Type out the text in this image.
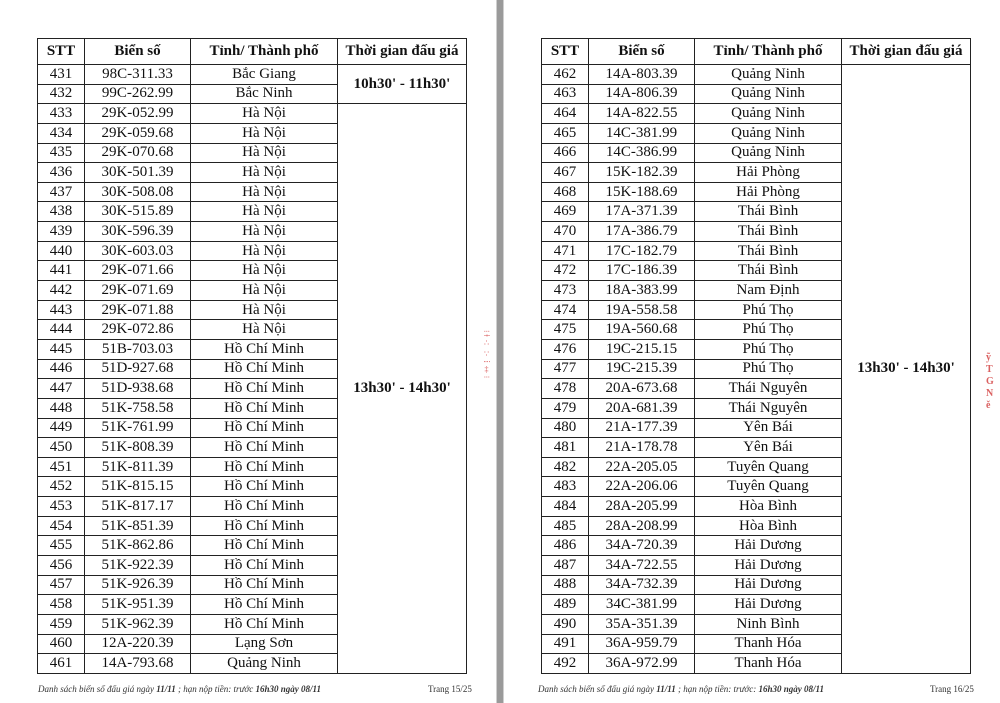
STT	Biển số	Tỉnh/ Thành phố	Thời gian đấu giá
431	98C-311.33	Bắc Giang	10h30' - 11h30'
432	99C-262.99	Bắc Ninh	
433	29K-052.99	Hà Nội	13h30' - 14h30'
434	29K-059.68	Hà Nội	
435	29K-070.68	Hà Nội	
436	30K-501.39	Hà Nội	
437	30K-508.08	Hà Nội	
438	30K-515.89	Hà Nội	
439	30K-596.39	Hà Nội	
440	30K-603.03	Hà Nội	
441	29K-071.66	Hà Nội	
442	29K-071.69	Hà Nội	
443	29K-071.88	Hà Nội	
444	29K-072.86	Hà Nội	
445	51B-703.03	Hồ Chí Minh	
446	51D-927.68	Hồ Chí Minh	
447	51D-938.68	Hồ Chí Minh	
448	51K-758.58	Hồ Chí Minh	
449	51K-761.99	Hồ Chí Minh	
450	51K-808.39	Hồ Chí Minh	
451	51K-811.39	Hồ Chí Minh	
452	51K-815.15	Hồ Chí Minh	
453	51K-817.17	Hồ Chí Minh	
454	51K-851.39	Hồ Chí Minh	
455	51K-862.86	Hồ Chí Minh	
456	51K-922.39	Hồ Chí Minh	
457	51K-926.39	Hồ Chí Minh	
458	51K-951.39	Hồ Chí Minh	
459	51K-962.39	Hồ Chí Minh	
460	12A-220.39	Lạng Sơn	
461	14A-793.68	Quảng Ninh	
Danh sách biển số đấu giá ngày 11/11 ; hạn nộp tiền: trước 16h30 ngày 08/11	Trang 15/25
⁝ ǂ ∴ ∵ ⁞ ‡ ⁝
STT	Biển số	Tỉnh/ Thành phố	Thời gian đấu giá
462	14A-803.39	Quảng Ninh	13h30' - 14h30'
463	14A-806.39	Quảng Ninh	
464	14A-822.55	Quảng Ninh	
465	14C-381.99	Quảng Ninh	
466	14C-386.99	Quảng Ninh	
467	15K-182.39	Hải Phòng	
468	15K-188.69	Hải Phòng	
469	17A-371.39	Thái Bình	
470	17A-386.79	Thái Bình	
471	17C-182.79	Thái Bình	
472	17C-186.39	Thái Bình	
473	18A-383.99	Nam Định	
474	19A-558.58	Phú Thọ	
475	19A-560.68	Phú Thọ	
476	19C-215.15	Phú Thọ	
477	19C-215.39	Phú Thọ	
478	20A-673.68	Thái Nguyên	
479	20A-681.39	Thái Nguyên	
480	21A-177.39	Yên Bái	
481	21A-178.78	Yên Bái	
482	22A-205.05	Tuyên Quang	
483	22A-206.06	Tuyên Quang	
484	28A-205.99	Hòa Bình	
485	28A-208.99	Hòa Bình	
486	34A-720.39	Hải Dương	
487	34A-722.55	Hải Dương	
488	34A-732.39	Hải Dương	
489	34C-381.99	Hải Dương	
490	35A-351.39	Ninh Bình	
491	36A-959.79	Thanh Hóa	
492	36A-972.99	Thanh Hóa	
Danh sách biển số đấu giá ngày 11/11 ; hạn nộp tiền: trước: 16h30 ngày 08/11	Trang 16/25
ỹ
T
G
N
ě
